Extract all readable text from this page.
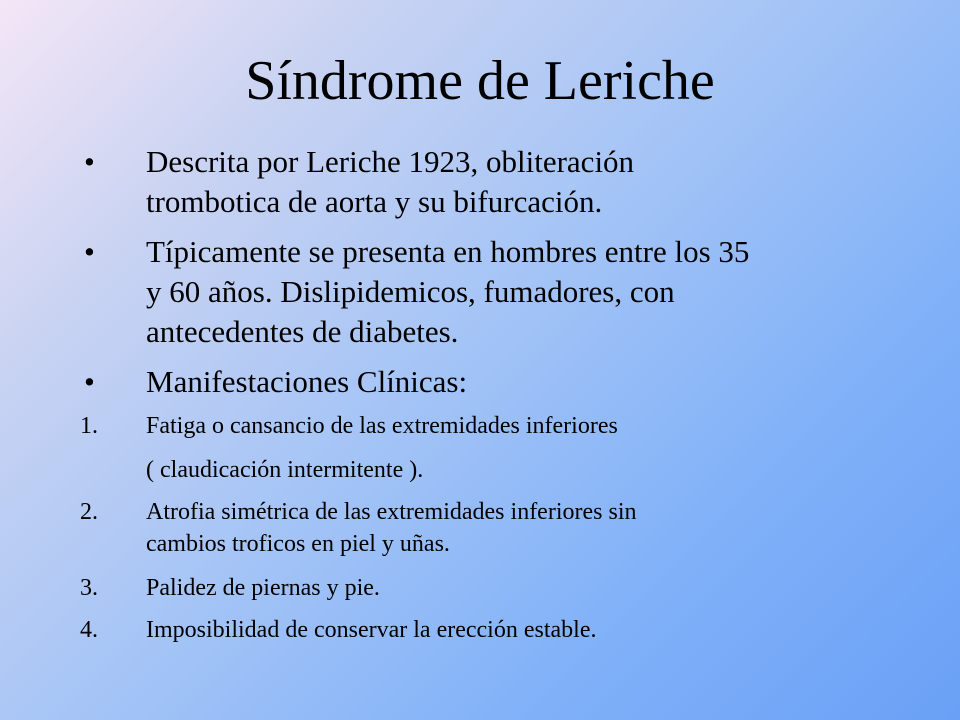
Síndrome de Leriche
•	Descrita por Leriche 1923, obliteración
trombotica de aorta y su bifurcación.
•	Típicamente se presenta en hombres entre los 35
y 60 años. Dislipidemicos, fumadores, con
antecedentes de diabetes.
•	Manifestaciones Clínicas:
1.	Fatiga o cansancio de las extremidades inferiores
( claudicación intermitente ).
2.	Atrofia simétrica de las extremidades inferiores sin
cambios troficos en piel y uñas.
3.	Palidez de piernas y pie.
4.	Imposibilidad de conservar la erección estable.
